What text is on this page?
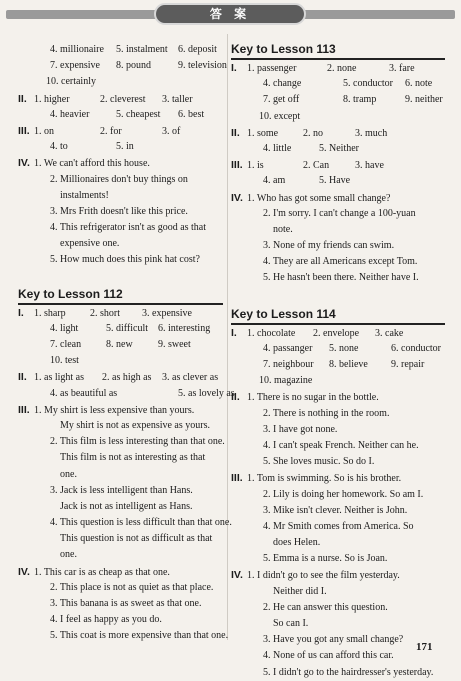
答 案
4. millionaire 5. instalment 6. deposit
7. expensive 8. pound	9. television
10. certainly
II. 1. higher	2. cleverest 3. taller
4. heavier	5. cheapest 6. best
III. 1. on	2. for	3. of
4. to	5. in
IV. 1. We can't afford this house.
2. Millionaires don't buy things on
instalments!
3. Mrs Frith doesn't like this price.
4. This refrigerator isn't as good as that
expensive one.
5. How much does this pink hat cost?
Key to Lesson 112
I. 1. sharp 2. short 3. expensive
4. light	5. difficult 6. interesting
7. clean 8. new	9. sweet
10. test
II. 1. as light as 2. as high as 3. as clever as
4. as beautiful as	5. as lovely as
III. 1. My shirt is less expensive than yours.
My shirt is not as expensive as yours.
2. This film is less interesting than that one.
This film is not as interesting as that
one.
3. Jack is less intelligent than Hans.
Jack is not as intelligent as Hans.
4. This question is less difficult than that one.
This question is not as difficult as that
one.
IV. 1. This car is as cheap as that one.
2. This place is not as quiet as that place.
3. This banana is as sweet as that one.
4. I feel as happy as you do.
5. This coat is more expensive than that one.
Key to Lesson 113
I. 1. passenger	2. none	3. fare
4. change	5. conductor 6. note
7. get off	8. tramp	9. neither
10. except
II. 1. some 2. no	3. much
4. little	5. Neither
III. 1. is	2. Can	3. have
4. am	5. Have
IV. 1. Who has got some small change?
2. I'm sorry. I can't change a 100-yuan
note.
3. None of my friends can swim.
4. They are all Americans except Tom.
5. He hasn't been there. Neither have I.
Key to Lesson 114
I. 1. chocolate 2. envelope 3. cake
4. passanger 5. none	6. conductor
7. neighbour 8. believe 9. repair
10. magazine
II. 1. There is no sugar in the bottle.
2. There is nothing in the room.
3. I have got none.
4. I can't speak French. Neither can he.
5. She loves music. So do I.
III. 1. Tom is swimming. So is his brother.
2. Lily is doing her homework. So am I.
3. Mike isn't clever. Neither is John.
4. Mr Smith comes from America. So
does Helen.
5. Emma is a nurse. So is Joan.
IV. 1. I didn't go to see the film yesterday.
Neither did I.
2. He can answer this question.
So can I.
3. Have you got any small change?
4. None of us can afford this car.
5. I didn't go to the hairdresser's yesterday.
171
